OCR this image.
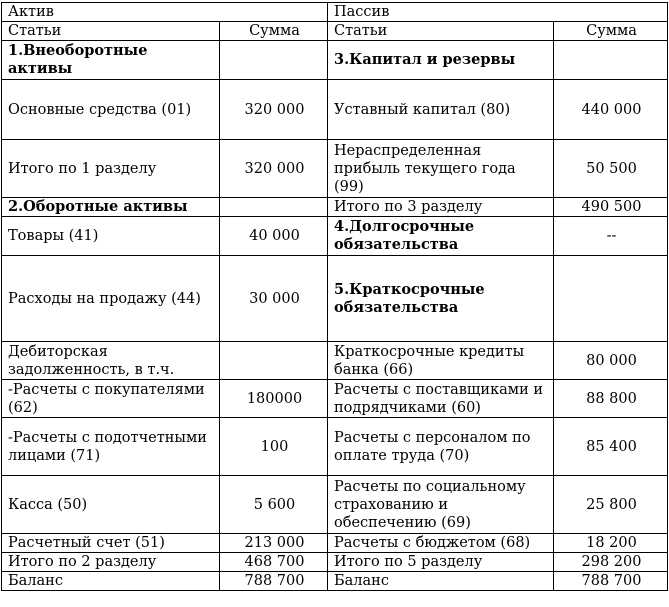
Актив		Пассив	
Статьи	Сумма	Статьи	Сумма
1.Внеоборотные активы		3.Капитал и резервы	
Основные средства (01)	320 000	Уставный капитал (80)	440 000
Итого по 1 разделу	320 000	Нераспределенная прибыль текущего года (99)	50 500
2.Оборотные активы		Итого по 3 разделу	490 500
Товары (41)	40 000	4.Долгосрочные обязательства	--
Расходы на продажу (44)	30 000	5.Краткосрочные обязательства	
Дебиторская задолженность, в т.ч.		Краткосрочные кредиты банка (66)	80 000
-Расчеты с покупателями (62)	180000	Расчеты с поставщиками и подрядчиками (60)	88 800
-Расчеты с подотчетными лицами (71)	100	Расчеты с персоналом по оплате труда (70)	85 400
Касса (50)	5 600	Расчеты по социальному страхованию и обеспечению (69)	25 800
Расчетный счет (51)	213 000	Расчеты с бюджетом (68)	18 200
Итого по 2 разделу	468 700	Итого по 5 разделу	298 200
Баланс	788 700	Баланс	788 700
